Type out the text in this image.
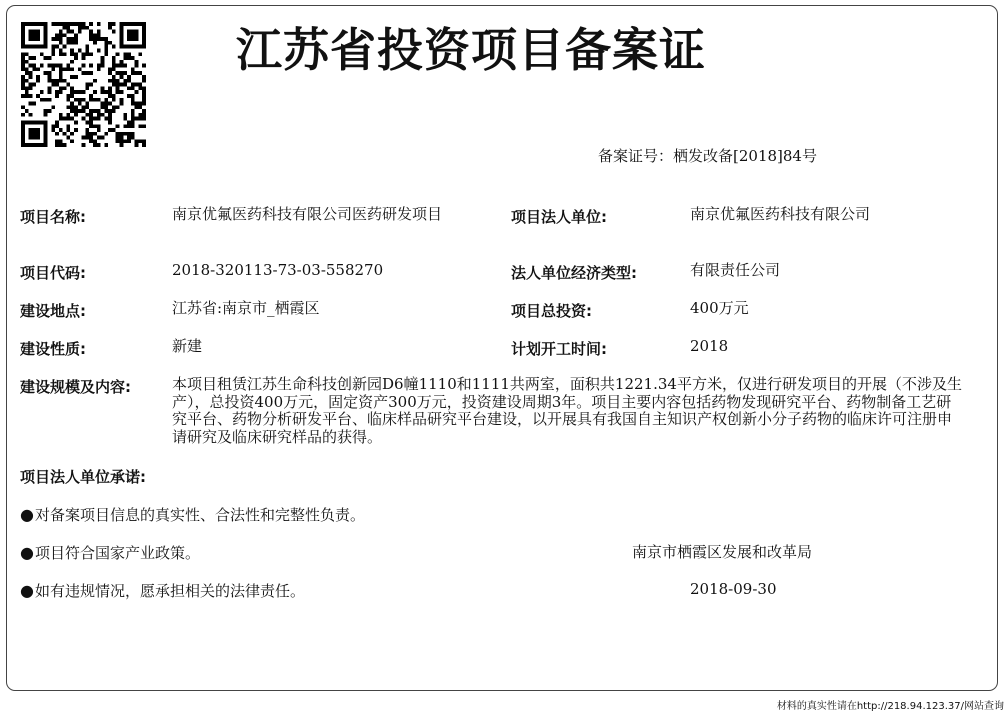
江苏省投资项目备案证
备案证号：栖发改备[2018]84号
项目名称:	南京优氟医药科技有限公司医药研发项目	项目法人单位:	南京优氟医药科技有限公司
项目代码:	2018-320113-73-03-558270	法人单位经济类型:	有限责任公司
建设地点:	江苏省:南京市_栖霞区	项目总投资:	400万元
建设性质:	新建	计划开工时间:	2018
建设规模及内容:	本项目租赁江苏生命科技创新园D6幢1110和1111共两室，面积共1221.34平方米，仅进行研发项目的开展（不涉及生产），总投资400万元，固定资产300万元，投资建设周期3年。项目主要内容包括药物发现研究平台、药物制备工艺研究平台、药物分析研发平台、临床样品研究平台建设，以开展具有我国自主知识产权创新小分子药物的临床许可注册申请研究及临床研究样品的获得。
项目法人单位承诺:
●对备案项目信息的真实性、合法性和完整性负责。
●项目符合国家产业政策。
●如有违规情况，愿承担相关的法律责任。
南京市栖霞区发展和改革局
2018-09-30
材料的真实性请在http://218.94.123.37/网站查询
